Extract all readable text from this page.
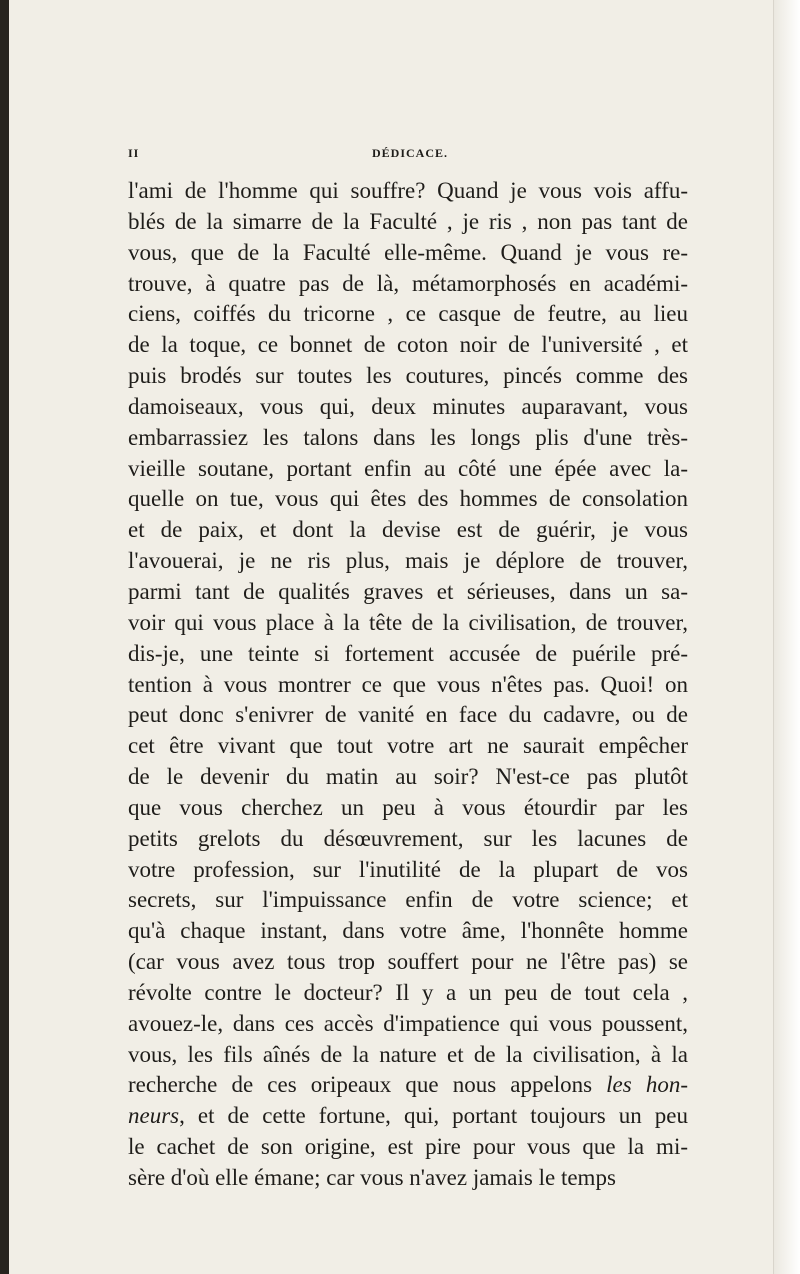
II	DÉDICACE.
l'ami de l'homme qui souffre? Quand je vous vois affu-
blés de la simarre de la Faculté , je ris , non pas tant de
vous, que de la Faculté elle-même. Quand je vous re-
trouve, à quatre pas de là, métamorphosés en académi-
ciens, coiffés du tricorne , ce casque de feutre, au lieu
de la toque, ce bonnet de coton noir de l'université , et
puis brodés sur toutes les coutures, pincés comme des
damoiseaux, vous qui, deux minutes auparavant, vous
embarrassiez les talons dans les longs plis d'une très-
vieille soutane, portant enfin au côté une épée avec la-
quelle on tue, vous qui êtes des hommes de consolation
et de paix, et dont la devise est de guérir, je vous
l'avouerai, je ne ris plus, mais je déplore de trouver,
parmi tant de qualités graves et sérieuses, dans un sa-
voir qui vous place à la tête de la civilisation, de trouver,
dis-je, une teinte si fortement accusée de puérile pré-
tention à vous montrer ce que vous n'êtes pas. Quoi! on
peut donc s'enivrer de vanité en face du cadavre, ou de
cet être vivant que tout votre art ne saurait empêcher
de le devenir du matin au soir? N'est-ce pas plutôt
que vous cherchez un peu à vous étourdir par les
petits grelots du désœuvrement, sur les lacunes de
votre profession, sur l'inutilité de la plupart de vos
secrets, sur l'impuissance enfin de votre science; et
qu'à chaque instant, dans votre âme, l'honnête homme
(car vous avez tous trop souffert pour ne l'être pas) se
révolte contre le docteur? Il y a un peu de tout cela ,
avouez-le, dans ces accès d'impatience qui vous poussent,
vous, les fils aînés de la nature et de la civilisation, à la
recherche de ces oripeaux que nous appelons les hon-
neurs, et de cette fortune, qui, portant toujours un peu
le cachet de son origine, est pire pour vous que la mi-
sère d'où elle émane; car vous n'avez jamais le temps
